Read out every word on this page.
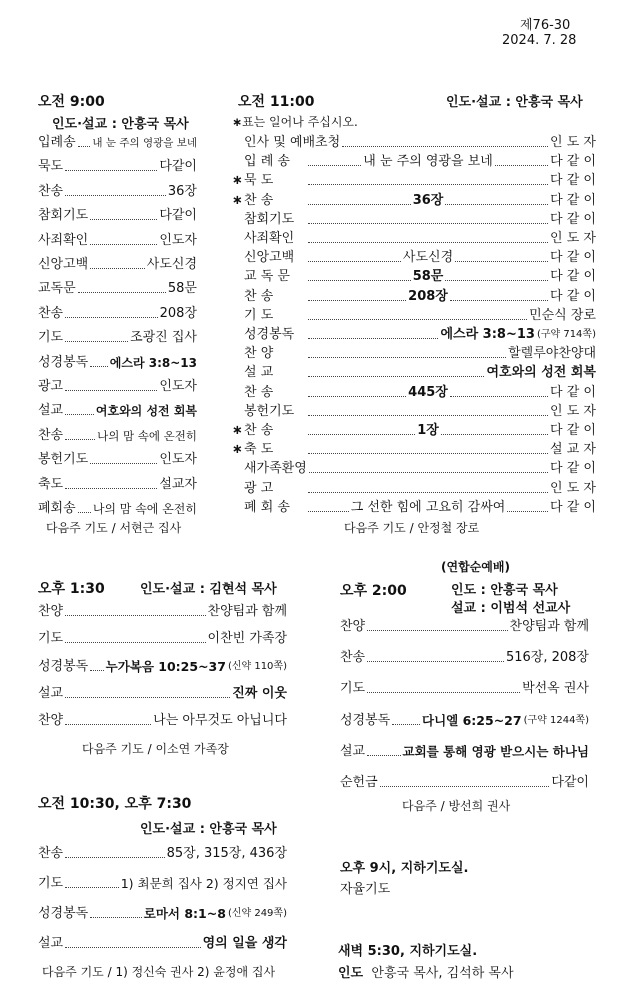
제76-30
2024. 7. 28
오전 9:00
인도·설교 : 안흥국 목사
입례송 내 눈 주의 영광을 보네
묵도	다같이
찬송	36장
참회기도	다같이
사죄확인	인도자
신앙고백	사도신경
교독문	58문
찬송	208장
기도	조광진 집사
성경봉독 에스라 3:8~13
광고	인도자
설교	여호와의 성전 회복
찬송	나의 맘 속에 온전히
봉헌기도	인도자
축도	설교자
폐회송 나의 맘 속에 온전히
다음주 기도 / 서현근 집사
오전 11:00	인도·설교 : 안흥국 목사
∗표는 일어나 주십시오.
인사 및 예배초청	인 도 자
입 례 송	내 눈 주의 영광을 보네	다 같 이
∗ 묵 도	다 같 이
∗ 찬 송	36장	다 같 이
참회기도	다 같 이
사죄확인	인 도 자
신앙고백	사도신경	다 같 이
교 독 문	58문	다 같 이
찬 송	208장	다 같 이
기 도	민순식 장로
성경봉독	에스라 3:8~13 (구약 714쪽)
찬 양	할렐루야찬양대
설 교	여호와의 성전 회복
찬 송	445장	다 같 이
봉헌기도	인 도 자
∗ 찬 송	1장	다 같 이
∗ 축 도	설 교 자
새가족환영	다 같 이
광 고	인 도 자
폐 회 송	그 선한 힘에 고요히 감싸여	다 같 이
다음주 기도 / 안정철 장로
오후 1:30	인도·설교 : 김현석 목사
찬양	찬양팀과 함께
기도	이찬빈 가족장
성경봉독 누가복음 10:25~37 (신약 110쪽)
설교	진짜 이웃
찬양	나는 아무것도 아닙니다
다음주 기도 / 이소연 가족장
(연합순예배)
오후 2:00	인도 : 안흥국 목사
설교 : 이범석 선교사
찬양	찬양팀과 함께
찬송	516장, 208장
기도	박선옥 권사
성경봉독	다니엘 6:25~27 (구약 1244쪽)
설교	교회를 통해 영광 받으시는 하나님
순헌금	다같이
다음주 / 방선희 권사
오전 10:30, 오후 7:30
인도·설교 : 안흥국 목사
찬송	85장, 315장, 436장
기도	1) 최문희 집사 2) 정지연 집사
성경봉독	로마서 8:1~8 (신약 249쪽)
설교	영의 일을 생각
다음주 기도 / 1) 정신숙 권사 2) 윤정애 집사
오후 9시, 지하기도실.
자율기도
새벽 5:30, 지하기도실.
인도 안흥국 목사, 김석하 목사
